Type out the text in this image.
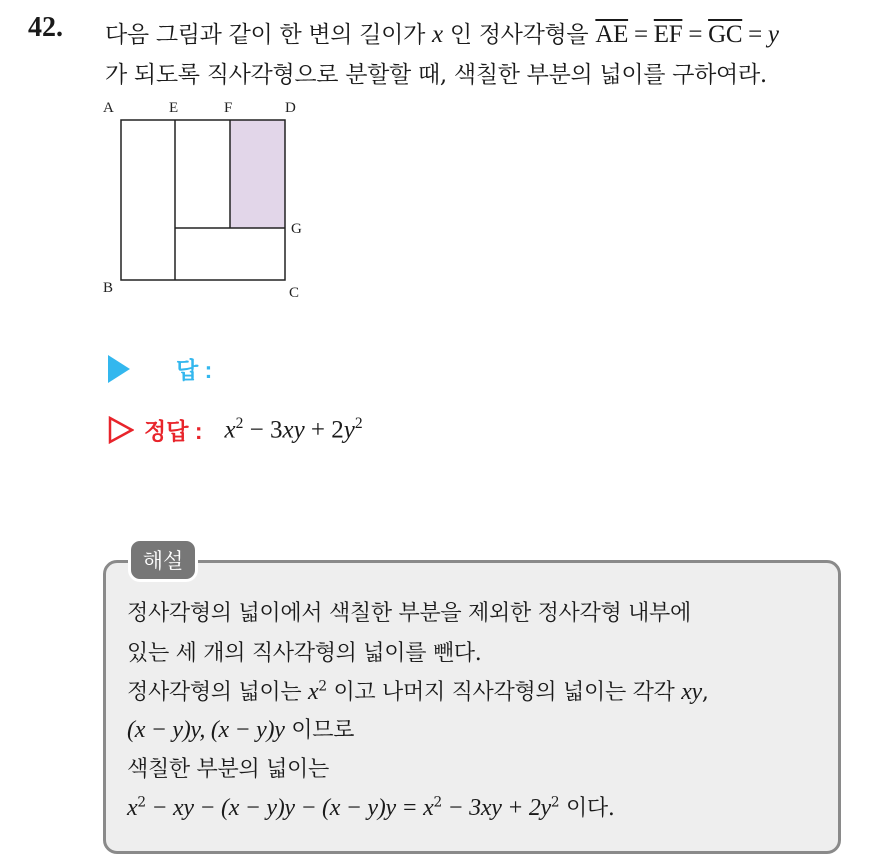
42. 다음 그림과 같이 한 변의 길이가 x 인 정사각형을 $\overline{AE} = \overline{EF} = \overline{GC} = y$
가 되도록 직사각형으로 분할할 때, 색칠한 부분의 넓이를 구하여라.
A	E	F	D
G
B	C
답 :
정답 : $x^2 - 3xy + 2y^2$
해설
정사각형의 넓이에서 색칠한 부분을 제외한 정사각형 내부에
있는 세 개의 직사각형의 넓이를 뺀다.
정사각형의 넓이는 $x^2$ 이고 나머지 직사각형의 넓이는 각각 xy,
(x − y)y, (x − y)y 이므로
색칠한 부분의 넓이는
$x^2$ − xy − $(x - y)y - (x - y)y = x^2 - 3xy + 2y^2$ 이다.
